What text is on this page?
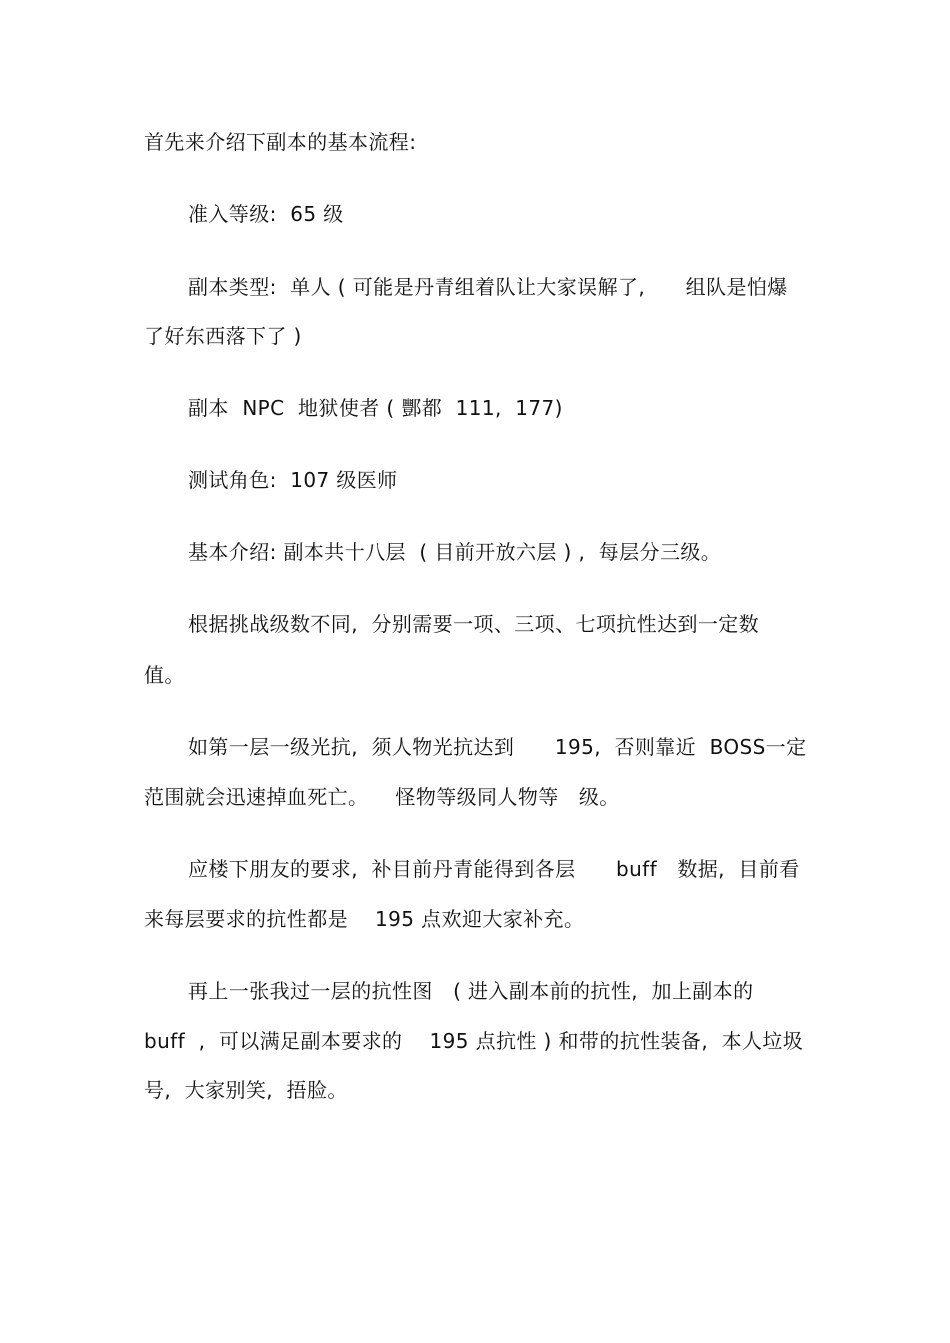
首先来介绍下副本的基本流程:
准入等级:  65 级
副本类型:  单人 ( 可能是丹青组着队让大家误解了,      组队是怕爆
了好东西落下了 )
副本  NPC  地狱使者 ( 酆都  111,  177)
测试角色:  107 级医师
基本介绍: 副本共十八层  ( 目前开放六层 ) ,  每层分三级。
根据挑战级数不同,  分别需要一项、三项、七项抗性达到一定数
值。
如第一层一级光抗,  须人物光抗达到      195,  否则靠近  BOSS一定
范围就会迅速掉血死亡。    怪物等级同人物等   级。
应楼下朋友的要求,  补目前丹青能得到各层      buff   数据,  目前看
来每层要求的抗性都是    195 点欢迎大家补充。
再上一张我过一层的抗性图   ( 进入副本前的抗性,  加上副本的
buff  ,  可以满足副本要求的    195 点抗性 ) 和带的抗性装备,  本人垃圾
号,  大家别笑,  捂脸。
